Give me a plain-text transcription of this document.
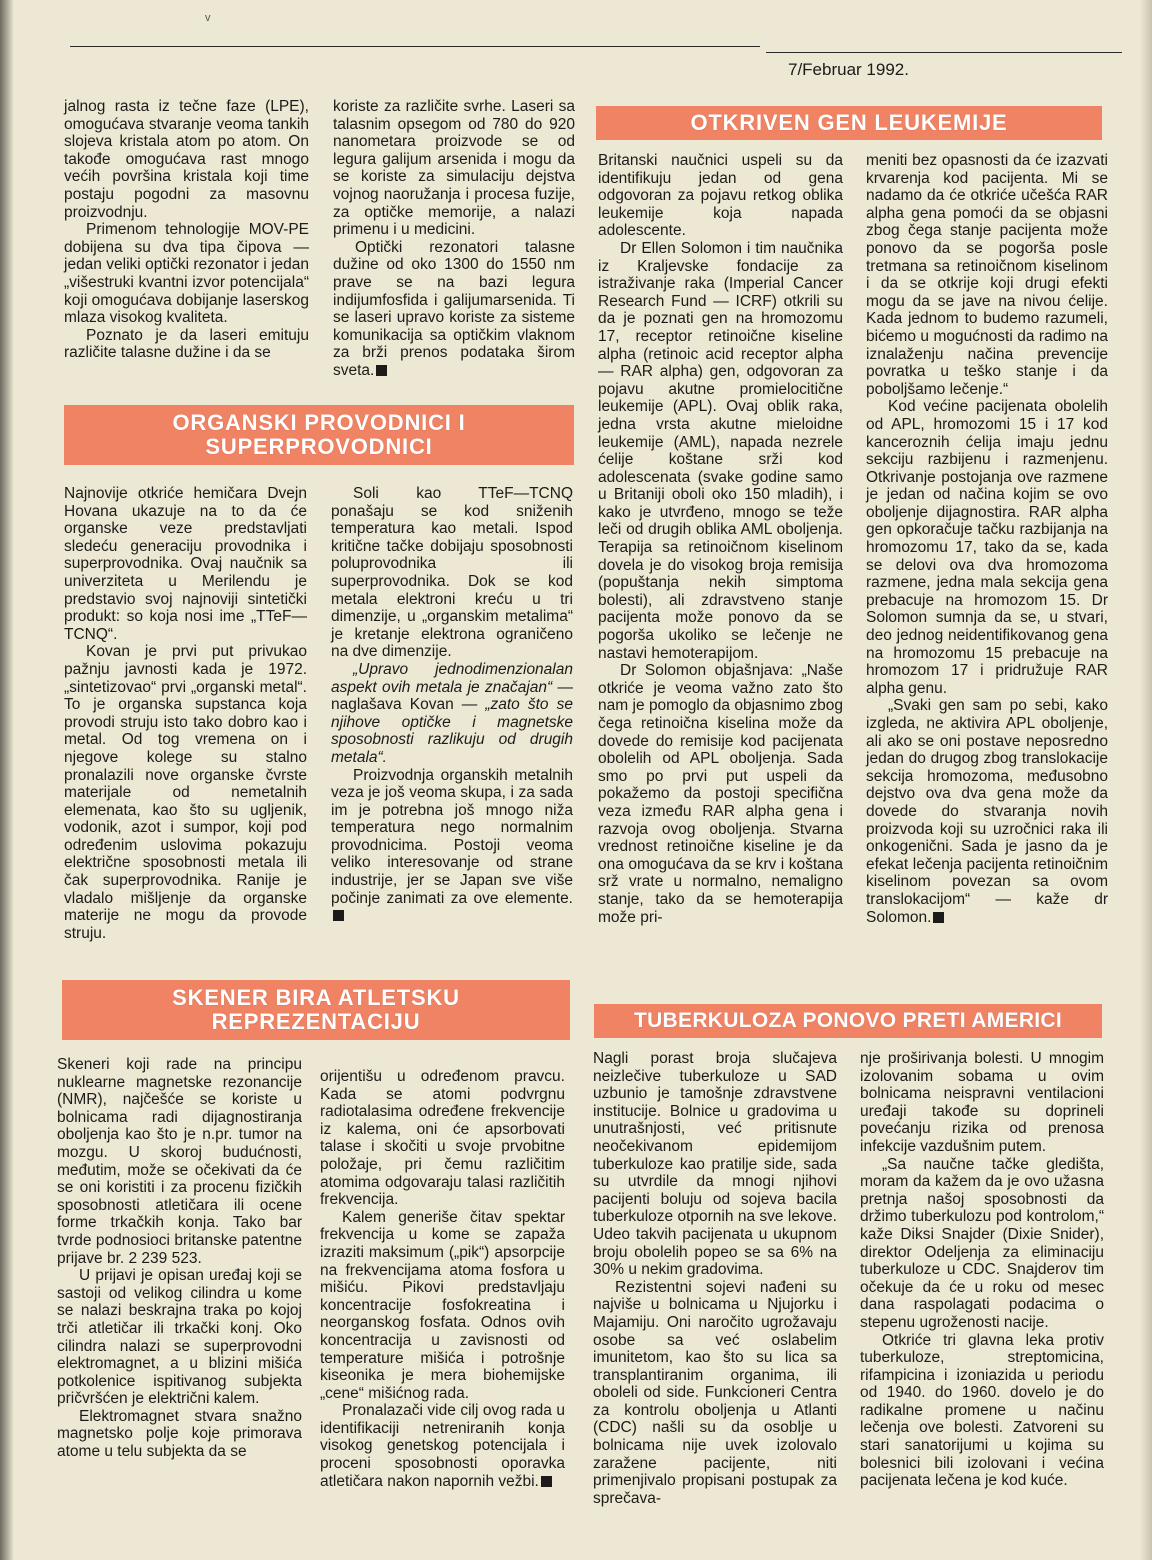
v
7/Februar 1992.

jalnog rasta iz tečne faze (LPE), omogućava stvaranje veoma tankih slojeva kristala atom po atom. On takođe omogućava rast mnogo većih površina kristala koji time postaju pogodni za masovnu proizvodnju.

Primenom tehnologije MOV-PE dobijena su dva tipa čipova — jedan veliki optički rezonator i jedan „višestruki kvantni izvor potencijala“ koji omogućava dobijanje laserskog mlaza visokog kvaliteta.

Poznato je da laseri emituju različite talasne dužine i da se

koriste za različite svrhe. Laseri sa talasnim opsegom od 780 do 920 nanometara proizvode se od legura galijum arsenida i mogu da se koriste za simulaciju dejstva vojnog naoružanja i procesa fuzije, za optičke memorije, a nalazi primenu i u medicini.

Optički rezonatori talasne dužine od oko 1300 do 1550 nm prave se na bazi legura indijumfosfida i galijumarsenida. Ti se laseri upravo koriste za sisteme komunikacija sa optičkim vlaknom za brži prenos podataka širom sveta.

ORGANSKI PROVODNICI I
SUPERPROVODNICI

Najnovije otkriće hemičara Dvejn Hovana ukazuje na to da će organske veze predstavljati sledeću generaciju provodnika i superprovodnika. Ovaj naučnik sa univerziteta u Merilendu je predstavio svoj najnoviji sintetički produkt: so koja nosi ime „TTeF—TCNQ“.

Kovan je prvi put privukao pažnju javnosti kada je 1972. „sintetizovao“ prvi „organski metal“. To je organska supstanca koja provodi struju isto tako dobro kao i metal. Od tog vremena on i njegove kolege su stalno pronalazili nove organske čvrste materijale od nemetalnih elemenata, kao što su ugljenik, vodonik, azot i sumpor, koji pod određenim uslovima pokazuju električne sposobnosti metala ili čak superprovodnika. Ranije je vladalo mišljenje da organske materije ne mogu da provode struju.

Soli kao TTeF—TCNQ ponašaju se kod sniženih temperatura kao metali. Ispod kritične tačke dobijaju sposobnosti poluprovodnika ili superprovodnika. Dok se kod metala elektroni kreću u tri dimenzije, u „organskim metalima“ je kretanje elektrona ograničeno na dve dimenzije.

„Upravo jednodimenzionalan aspekt ovih metala je značajan“ — naglašava Kovan — „zato što se njihove optičke i magnetske sposobnosti razlikuju od drugih metala“.

Proizvodnja organskih metalnih veza je još veoma skupa, i za sada im je potrebna još mnogo niža temperatura nego normalnim provodnicima. Postoji veoma veliko interesovanje od strane industrije, jer se Japan sve više počinje zanimati za ove elemente.

OTKRIVEN GEN LEUKEMIJE

Britanski naučnici uspeli su da identifikuju jedan od gena odgovoran za pojavu retkog oblika leukemije koja napada adolescente.

Dr Ellen Solomon i tim naučnika iz Kraljevske fondacije za istraživanje raka (Imperial Cancer Research Fund — ICRF) otkrili su da je poznati gen na hromozomu 17, receptor retinoične kiseline alpha (retinoic acid receptor alpha — RAR alpha) gen, odgovoran za pojavu akutne promielocitične leukemije (APL). Ovaj oblik raka, jedna vrsta akutne mieloidne leukemije (AML), napada nezrele ćelije koštane srži kod adolescenata (svake godine samo u Britaniji oboli oko 150 mladih), i kako je utvrđeno, mnogo se teže leči od drugih oblika AML oboljenja. Terapija sa retinoičnom kiselinom dovela je do visokog broja remisija (popuštanja nekih simptoma bolesti), ali zdravstveno stanje pacijenta može ponovo da se pogorša ukoliko se lečenje ne nastavi hemoterapijom.

Dr Solomon objašnjava: „Naše otkriće je veoma važno zato što nam je pomoglo da objasnimo zbog čega retinoična kiselina može da dovede do remisije kod pacijenata obolelih od APL oboljenja. Sada smo po prvi put uspeli da pokažemo da postoji specifična veza između RAR alpha gena i razvoja ovog oboljenja. Stvarna vrednost retinoične kiseline je da ona omogućava da se krv i koštana srž vrate u normalno, nemaligno stanje, tako da se hemoterapija može pri-

meniti bez opasnosti da će izazvati krvarenja kod pacijenta. Mi se nadamo da će otkriće učešća RAR alpha gena pomoći da se objasni zbog čega stanje pacijenta može ponovo da se pogorša posle tretmana sa retinoičnom kiselinom i da se otkrije koji drugi efekti mogu da se jave na nivou ćelije. Kada jednom to budemo razumeli, bićemo u mogućnosti da radimo na iznalaženju načina prevencije povratka u teško stanje i da poboljšamo lečenje.“

Kod većine pacijenata obolelih od APL, hromozomi 15 i 17 kod kanceroznih ćelija imaju jednu sekciju razbijenu i razmenjenu. Otkrivanje postojanja ove razmene je jedan od načina kojim se ovo oboljenje dijagnostira. RAR alpha gen opkoračuje tačku razbijanja na hromozomu 17, tako da se, kada se delovi ova dva hromozoma razmene, jedna mala sekcija gena prebacuje na hromozom 15. Dr Solomon sumnja da se, u stvari, deo jednog neidentifikovanog gena na hromozomu 15 prebacuje na hromozom 17 i pridružuje RAR alpha genu.

„Svaki gen sam po sebi, kako izgleda, ne aktivira APL oboljenje, ali ako se oni postave neposredno jedan do drugog zbog translokacije sekcija hromozoma, međusobno dejstvo ova dva gena može da dovede do stvaranja novih proizvoda koji su uzročnici raka ili onkogenični. Sada je jasno da je efekat lečenja pacijenta retinoičnim kiselinom povezan sa ovom translokacijom“ — kaže dr Solomon.

SKENER BIRA ATLETSKU
REPREZENTACIJU

Skeneri koji rade na principu nuklearne magnetske rezonancije (NMR), najčešće se koriste u bolnicama radi dijagnostiranja oboljenja kao što je n.pr. tumor na mozgu. U skoroj budućnosti, međutim, može se očekivati da će se oni koristiti i za procenu fizičkih sposobnosti atletičara ili ocene forme trkačkih konja. Tako bar tvrde podnosioci britanske patentne prijave br. 2 239 523.

U prijavi je opisan uređaj koji se sastoji od velikog cilindra u kome se nalazi beskrajna traka po kojoj trči atletičar ili trkački konj. Oko cilindra nalazi se superprovodni elektromagnet, a u blizini mišića potkolenice ispitivanog subjekta pričvršćen je električni kalem.

Elektromagnet stvara snažno magnetsko polje koje primorava atome u telu subjekta da se

orijentišu u određenom pravcu. Kada se atomi podvrgnu radiotalasima određene frekvencije iz kalema, oni će apsorbovati talase i skočiti u svoje prvobitne položaje, pri čemu različitim atomima odgovaraju talasi različitih frekvencija.

Kalem generiše čitav spektar frekvencija u kome se zapaža izraziti maksimum („pik“) apsorpcije na frekvencijama atoma fosfora u mišiću. Pikovi predstavljaju koncentracije fosfokreatina i neorganskog fosfata. Odnos ovih koncentracija u zavisnosti od temperature mišića i potrošnje kiseonika je mera biohemijske „cene“ mišićnog rada.

Pronalazači vide cilj ovog rada u identifikaciji netreniranih konja visokog genetskog potencijala i proceni sposobnosti oporavka atletičara nakon napornih vežbi.

TUBERKULOZA PONOVO PRETI AMERICI

Nagli porast broja slučajeva neizlečive tuberkuloze u SAD uzbunio je tamošnje zdravstvene institucije. Bolnice u gradovima u unutrašnjosti, već pritisnute neočekivanom epidemijom tuberkuloze kao pratilje side, sada su utvrdile da mnogi njihovi pacijenti boluju od sojeva bacila tuberkuloze otpornih na sve lekove. Udeo takvih pacijenata u ukupnom broju obolelih popeo se sa 6% na 30% u nekim gradovima.

Rezistentni sojevi nađeni su najviše u bolnicama u Njujorku i Majamiju. Oni naročito ugrožavaju osobe sa već oslabelim imunitetom, kao što su lica sa transplantiranim organima, ili oboleli od side. Funkcioneri Centra za kontrolu oboljenja u Atlanti (CDC) našli su da osoblje u bolnicama nije uvek izolovalo zaražene pacijente, niti primenjivalo propisani postupak za sprečava-

nje proširivanja bolesti. U mnogim izolovanim sobama u ovim bolnicama neispravni ventilacioni uređaji takođe su doprineli povećanju rizika od prenosa infekcije vazdušnim putem.

„Sa naučne tačke gledišta, moram da kažem da je ovo užasna pretnja našoj sposobnosti da držimo tuberkulozu pod kontrolom,“ kaže Diksi Snajder (Dixie Snider), direktor Odeljenja za eliminaciju tuberkuloze u CDC. Snajderov tim očekuje da će u roku od mesec dana raspolagati podacima o stepenu ugroženosti nacije.

Otkriće tri glavna leka protiv tuberkuloze, streptomicina, rifampicina i izoniazida u periodu od 1940. do 1960. dovelo je do radikalne promene u načinu lečenja ove bolesti. Zatvoreni su stari sanatorijumi u kojima su bolesnici bili izolovani i većina pacijenata lečena je kod kuće.
